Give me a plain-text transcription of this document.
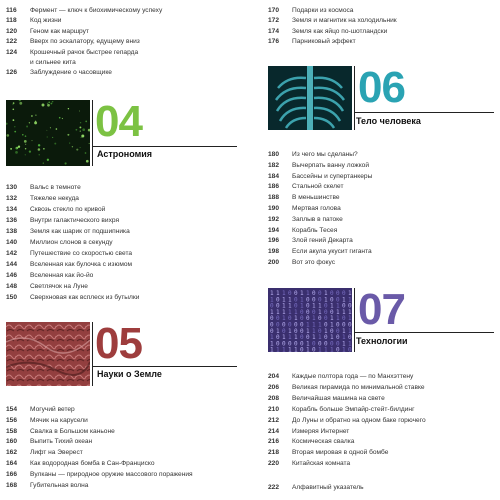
116	Фермент — ключ к биохимическому успеху
118	Код жизни
120	Геном как маршрут
122	Вверх по эскалатору, едущему вниз
124	Крошечный рачок быстрее гепарда
и сильнее кита
126	Заблуждение о часовщике
170	Подарки из космоса
172	Земля и магнитик на холодильник
174	Земля как яйцо по-шотландски
176	Парниковый эффект
04
Астрономия
130	Вальс в темноте
132	Тяжелее некуда
134	Сквозь стекло по кривой
136	Внутри галактического вихря
138	Земля как шарик от подшипника
140	Миллион слонов в секунду
142	Путешествие со скоростью света
144	Вселенная как булочка с изюмом
146	Вселенная как йо-йо
148	Светлячок на Луне
150	Сверхновая как всплеск из бутылки
05
Науки о Земле
154	Могучий ветер
156	Мячик на карусели
158	Свалка в Большом каньоне
160	Выпить Тихий океан
162	Лифт на Эверест
164	Как водородная бомба в Сан-Франциско
166	Вулканы — природное оружие массового поражения
168	Губительная волна
06
Тело человека
180	Из чего мы сделаны?
182	Вычерпать ванну ложкой
184	Бассейны и супертанкеры
186	Стальной скелет
188	В меньшинстве
190	Мертвая голова
192	Заплыв в патоке
194	Корабль Тесея
196	Злой гений Декарта
198	Если акула укусит гиганта
200	Вот это фокус
1 1 1 0 0 1 1 0 0 1 0 0 0 1
1 0 1 1 0 1 0 0 0 1 0 0 1 1
0 0 1 1 0 1 0 1 1 0 1 1 0 0
1 1 1 1 1 0 0 0 1 0 0 1 1 1
0 0 1 0 1 0 0 1 0 0 1 1 0 1
0 0 0 0 0 0 1 1 1 0 1 0 0 0
0 1 0 1 0 0 1 1 0 1 0 0 1 1
1 0 1 1 1 0 0 1 1 0 1 0 1 0
1 0 0 0 0 0 1 0 0 0 0 0 1 1
1 1 1 1 1 0 1 0 1 1 1 0 1 0
07
Технологии
204	Каждые полтора года — по Манхэттену
206	Великая пирамида по минимальной ставке
208	Величайшая машина на свете
210	Корабль больше Эмпайр-стейт-билдинг
212	До Луны и обратно на одном баке горючего
214	Измеряя Интернет
216	Космическая свалка
218	Вторая мировая в одной бомбе
220	Китайская комната
222	Алфавитный указатель
